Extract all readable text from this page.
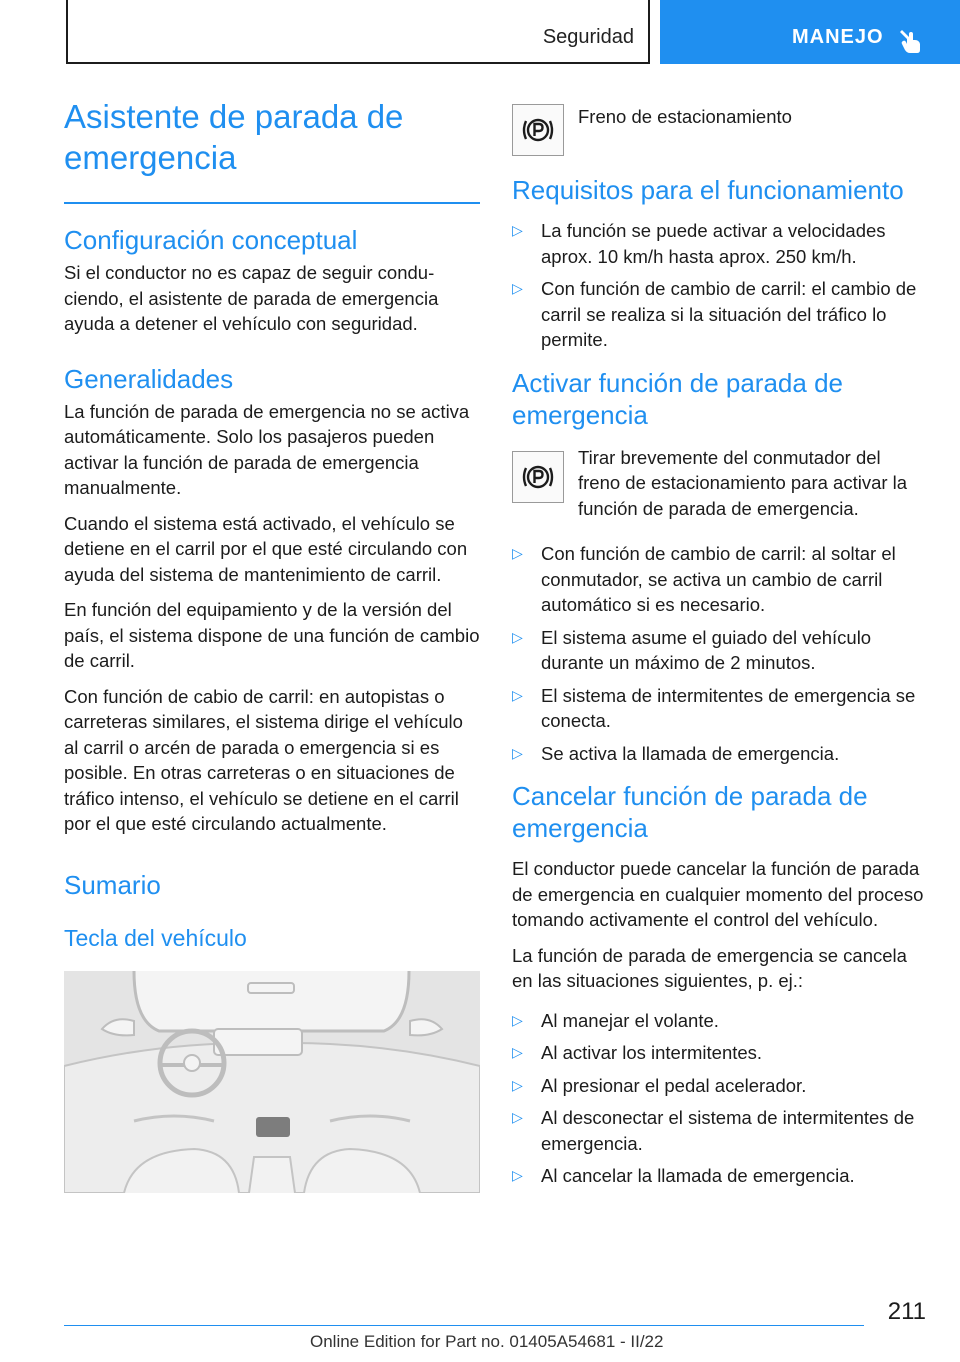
Seguridad	MANEJO
Asistente de parada de emergencia
Configuración conceptual

Si el conductor no es capaz de seguir conduciendo, el asistente de parada de emergencia ayuda a detener el vehículo con seguridad.

Generalidades

La función de parada de emergencia no se activa automáticamente. Solo los pasajeros pueden activar la función de parada de emergencia manualmente.

Cuando el sistema está activado, el vehículo se detiene en el carril por el que esté circulando con ayuda del sistema de mantenimiento de carril.

En función del equipamiento y de la versión del país, el sistema dispone de una función de cambio de carril.

Con función de cabio de carril: en autopistas o carreteras similares, el sistema dirige el vehículo al carril o arcén de parada o emergencia si es posible. En otras carreteras o en situaciones de tráfico intenso, el vehículo se detiene en el carril por el que esté circulando actualmente.

Sumario
Tecla del vehículo

Freno de estacionamiento

Requisitos para el funcionamiento
▷ La función se puede activar a velocidades aprox. 10 km/h hasta aprox. 250 km/h.
▷ Con función de cambio de carril: el cambio de carril se realiza si la situación del tráfico lo permite.
Activar función de parada de emergencia

Tirar brevemente del conmutador del freno de estacionamiento para activar la función de parada de emergencia.

▷ Con función de cambio de carril: al soltar el conmutador, se activa un cambio de carril automático si es necesario.
▷ El sistema asume el guiado del vehículo durante un máximo de 2 minutos.
▷ El sistema de intermitentes de emergencia se conecta.
▷ Se activa la llamada de emergencia.
Cancelar función de parada de emergencia

El conductor puede cancelar la función de parada de emergencia en cualquier momento del proceso tomando activamente el control del vehículo.

La función de parada de emergencia se cancela en las situaciones siguientes, p. ej.:

▷ Al manejar el volante.
▷ Al activar los intermitentes.
▷ Al presionar el pedal acelerador.
▷ Al desconectar el sistema de intermitentes de emergencia.
▷ Al cancelar la llamada de emergencia.
211
Online Edition for Part no. 01405A54681 - II/22
